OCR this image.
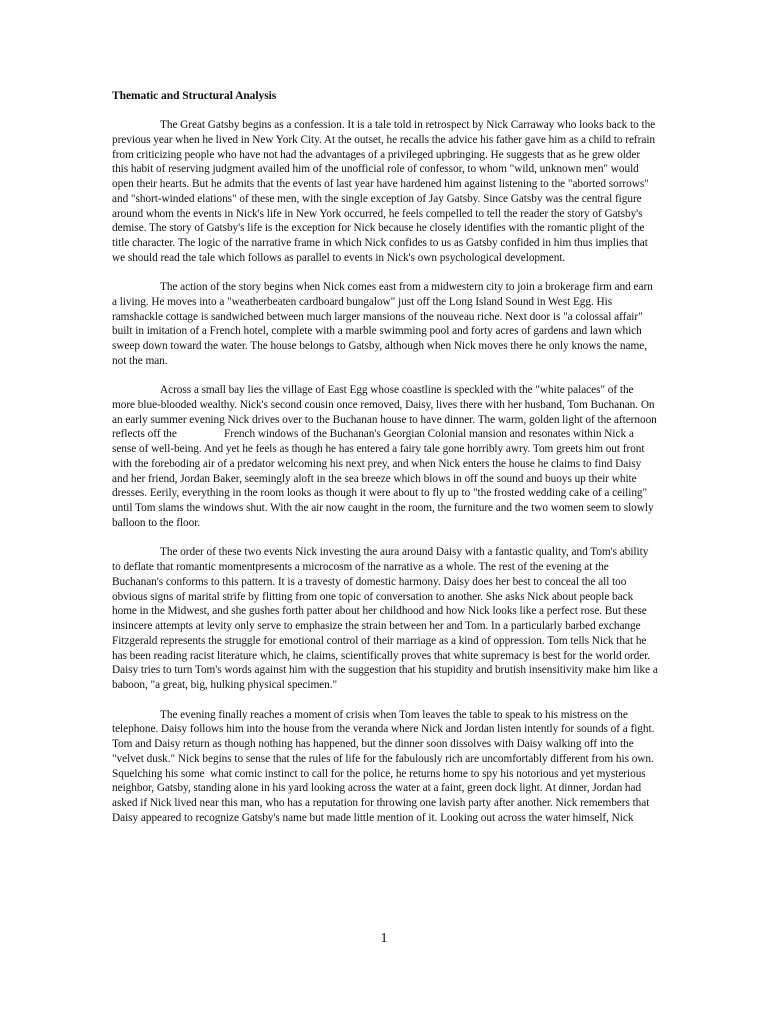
Thematic and Structural Analysis

The Great Gatsby begins as a confession. It is a tale told in retrospect by Nick Carraway who looks back to the previous year when he lived in New York City. At the outset, he recalls the advice his father gave him as a child to refrain from criticizing people who have not had the advantages of a privileged upbringing. He suggests that as he grew older this habit of reserving judgment availed him of the unofficial role of confessor, to whom "wild, unknown men" would open their hearts. But he admits that the events of last year have hardened him against listening to the "aborted sorrows" and "short-winded elations" of these men, with the single exception of Jay Gatsby. Since Gatsby was the central figure around whom the events in Nick's life in New York occurred, he feels compelled to tell the reader the story of Gatsby's demise. The story of Gatsby's life is the exception for Nick because he closely identifies with the romantic plight of the title character. The logic of the narrative frame in which Nick confides to us as Gatsby confided in him thus implies that we should read the tale which follows as parallel to events in Nick's own psychological development.

The action of the story begins when Nick comes east from a midwestern city to join a brokerage firm and earn a living. He moves into a "weatherbeaten cardboard bungalow" just off the Long Island Sound in West Egg. His ramshackle cottage is sandwiched between much larger mansions of the nouveau riche. Next door is "a colossal affair" built in imitation of a French hotel, complete with a marble swimming pool and forty acres of gardens and lawn which sweep down toward the water. The house belongs to Gatsby, although when Nick moves there he only knows the name, not the man.

Across a small bay lies the village of East Egg whose coastline is speckled with the "white palaces" of the more blue-blooded wealthy. Nick's second cousin once removed, Daisy, lives there with her husband, Tom Buchanan. On an early summer evening Nick drives over to the Buchanan house to have dinner. The warm, golden light of the afternoon reflects off the                 French windows of the Buchanan's Georgian Colonial mansion and resonates within Nick a sense of well-being. And yet he feels as though he has entered a fairy tale gone horribly awry. Tom greets him out front with the foreboding air of a predator welcoming his next prey, and when Nick enters the house he claims to find Daisy and her friend, Jordan Baker, seemingly aloft in the sea breeze which blows in off the sound and buoys up their white dresses. Eerily, everything in the room looks as though it were about to fly up to "the frosted wedding cake of a ceiling" until Tom slams the windows shut. With the air now caught in the room, the furniture and the two women seem to slowly balloon to the floor.

The order of these two events Nick investing the aura around Daisy with a fantastic quality, and Tom's ability to deflate that romantic momentpresents a microcosm of the narrative as a whole. The rest of the evening at the Buchanan's conforms to this pattern. It is a travesty of domestic harmony. Daisy does her best to conceal the all too obvious signs of marital strife by flitting from one topic of conversation to another. She asks Nick about people back home in the Midwest, and she gushes forth patter about her childhood and how Nick looks like a perfect rose. But these insincere attempts at levity only serve to emphasize the strain between her and Tom. In a particularly barbed exchange Fitzgerald represents the struggle for emotional control of their marriage as a kind of oppression. Tom tells Nick that he has been reading racist literature which, he claims, scientifically proves that white supremacy is best for the world order. Daisy tries to turn Tom's words against him with the suggestion that his stupidity and brutish insensitivity make him like a baboon, "a great, big, hulking physical specimen."

The evening finally reaches a moment of crisis when Tom leaves the table to speak to his mistress on the telephone. Daisy follows him into the house from the veranda where Nick and Jordan listen intently for sounds of a fight. Tom and Daisy return as though nothing has happened, but the dinner soon dissolves with Daisy walking off into the "velvet dusk." Nick begins to sense that the rules of life for the fabulously rich are uncomfortably different from his own. Squelching his some  what comic instinct to call for the police, he returns home to spy his notorious and yet mysterious neighbor, Gatsby, standing alone in his yard looking across the water at a faint, green dock light. At dinner, Jordan had asked if Nick lived near this man, who has a reputation for throwing one lavish party after another. Nick remembers that Daisy appeared to recognize Gatsby's name but made little mention of it. Looking out across the water himself, Nick

1
